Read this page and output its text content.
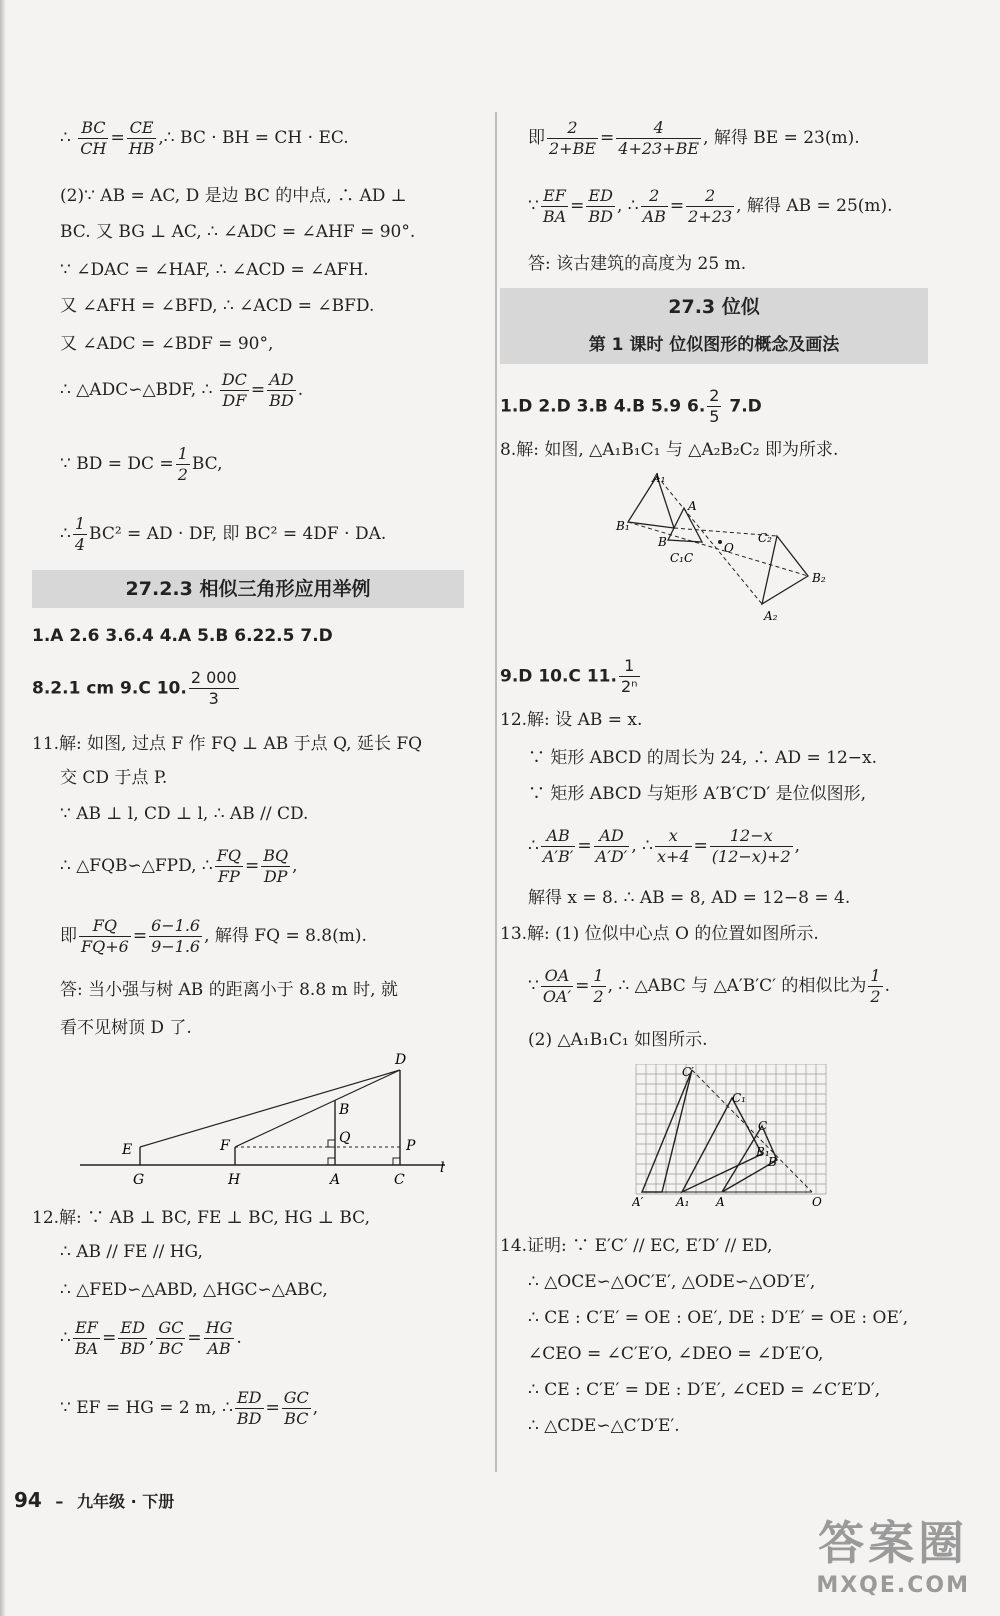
∴ $\frac{BC}{CH} = \frac{CE}{HB}$ ,∴ BC · BH = CH · EC.
(2)∵ AB = AC, D 是边 BC 的中点, ∴ AD ⊥
BC. 又 BG ⊥ AC, ∴ ∠ADC = ∠AHF = 90°.
∵ ∠DAC = ∠HAF, ∴ ∠ACD = ∠AFH.
又 ∠AFH = ∠BFD, ∴ ∠ACD = ∠BFD.
又 ∠ADC = ∠BDF = 90°,
∴ △ADC∽△BDF, ∴ $\frac{DC}{DF} = \frac{AD}{BD}$ .
∵ BD = DC = $\frac{1}{2}$ BC,
∴ $\frac{1}{4} BC^2$ = AD · DF, 即 BC² = 4DF · DA.
27.2.3 相似三角形应用举例
1.A 2.6 3.6.4 4.A 5.B 6.22.5 7.D
8.2.1 cm 9.C 10. $\frac{2 000}{3}$
11.解: 如图, 过点 F 作 FQ ⊥ AB 于点 Q, 延长 FQ
交 CD 于点 P.
∵ AB ⊥ l, CD ⊥ l, ∴ AB // CD.
∴ △FQB∽△FPD, ∴ $\frac{FQ}{FP} = \frac{BQ}{DP}$ ,
即 $\frac{FQ}{FQ+6} = \frac{6-1.6}{9-1.6}$ , 解得 FQ = 8.8(m).
答: 当小强与树 AB 的距离小于 8.8 m 时, 就
看不见树顶 D 了.
D
B
Q
E	F	P
G	H	A	C
l
12.解: ∵ AB ⊥ BC, FE ⊥ BC, HG ⊥ BC,
∴ AB // FE // HG,
∴ △FED∽△ABD, △HGC∽△ABC,
∴ $\frac{EF}{BA} = \frac{ED}{BD}$ , $\frac{GC}{BC} = \frac{HG}{AB}$ .
∵ EF = HG = 2 m, ∴ $\frac{ED}{BD} = \frac{GC}{BC}$ ,
即 $\frac{2}{2+BE} = \frac{4}{4+23+BE}$ , 解得 BE = 23(m).
∵ $\frac{EF}{BA} = \frac{ED}{BD}$ , ∴ $\frac{2}{AB} = \frac{2}{2+23}$ , 解得 AB = 25(m).
答: 该古建筑的高度为 25 m.
27.3 位似
第 1 课时 位似图形的概念及画法
1.D 2.D 3.B 4.B 5.9 6. $\frac{2}{5} 7.D$
8.解: 如图, △A₁B₁C₁ 与 △A₂B₂C₂ 即为所求.
A₁
A
B₁
B
C₁C
O
C₂
B₂
A₂
9.D 10.C 11. $\frac{1}{\text{2ⁿ}}$
12.解: 设 AB = x.
∵ 矩形 ABCD 的周长为 24, ∴ AD = 12−x.
∵ 矩形 ABCD 与矩形 A′B′C′D′ 是位似图形,
∴ $\frac{AB}{A'B'} = \frac{AD}{A'D'}$ , ∴ $\frac{x}{x+4} = \frac{12-x}{(12-x)+2}$ ,
解得 x = 8. ∴ AB = 8, AD = 12−8 = 4.
13.解: (1) 位似中心点 O 的位置如图所示.
∵ $\frac{OA}{OA'} = \frac{1}{2}$ , ∴ △ABC 与 △A′B′C′ 的相似比为 $\frac{1}{2}$ .
(2) △A₁B₁C₁ 如图所示.
C′
C₁
C
B₁
B
A′	A₁ A	O
14.证明: ∵ E′C′ // EC, E′D′ // ED,
∴ △OCE∽△OC′E′, △ODE∽△OD′E′,
∴ CE : C′E′ = OE : OE′, DE : D′E′ = OE : OE′,
∠CEO = ∠C′E′O, ∠DEO = ∠D′E′O,
∴ CE : C′E′ = DE : D′E′, ∠CED = ∠C′E′D′,
∴ △CDE∽△C′D′E′.
94 – 九年级 · 下册
答案圈
MXQE.COM
